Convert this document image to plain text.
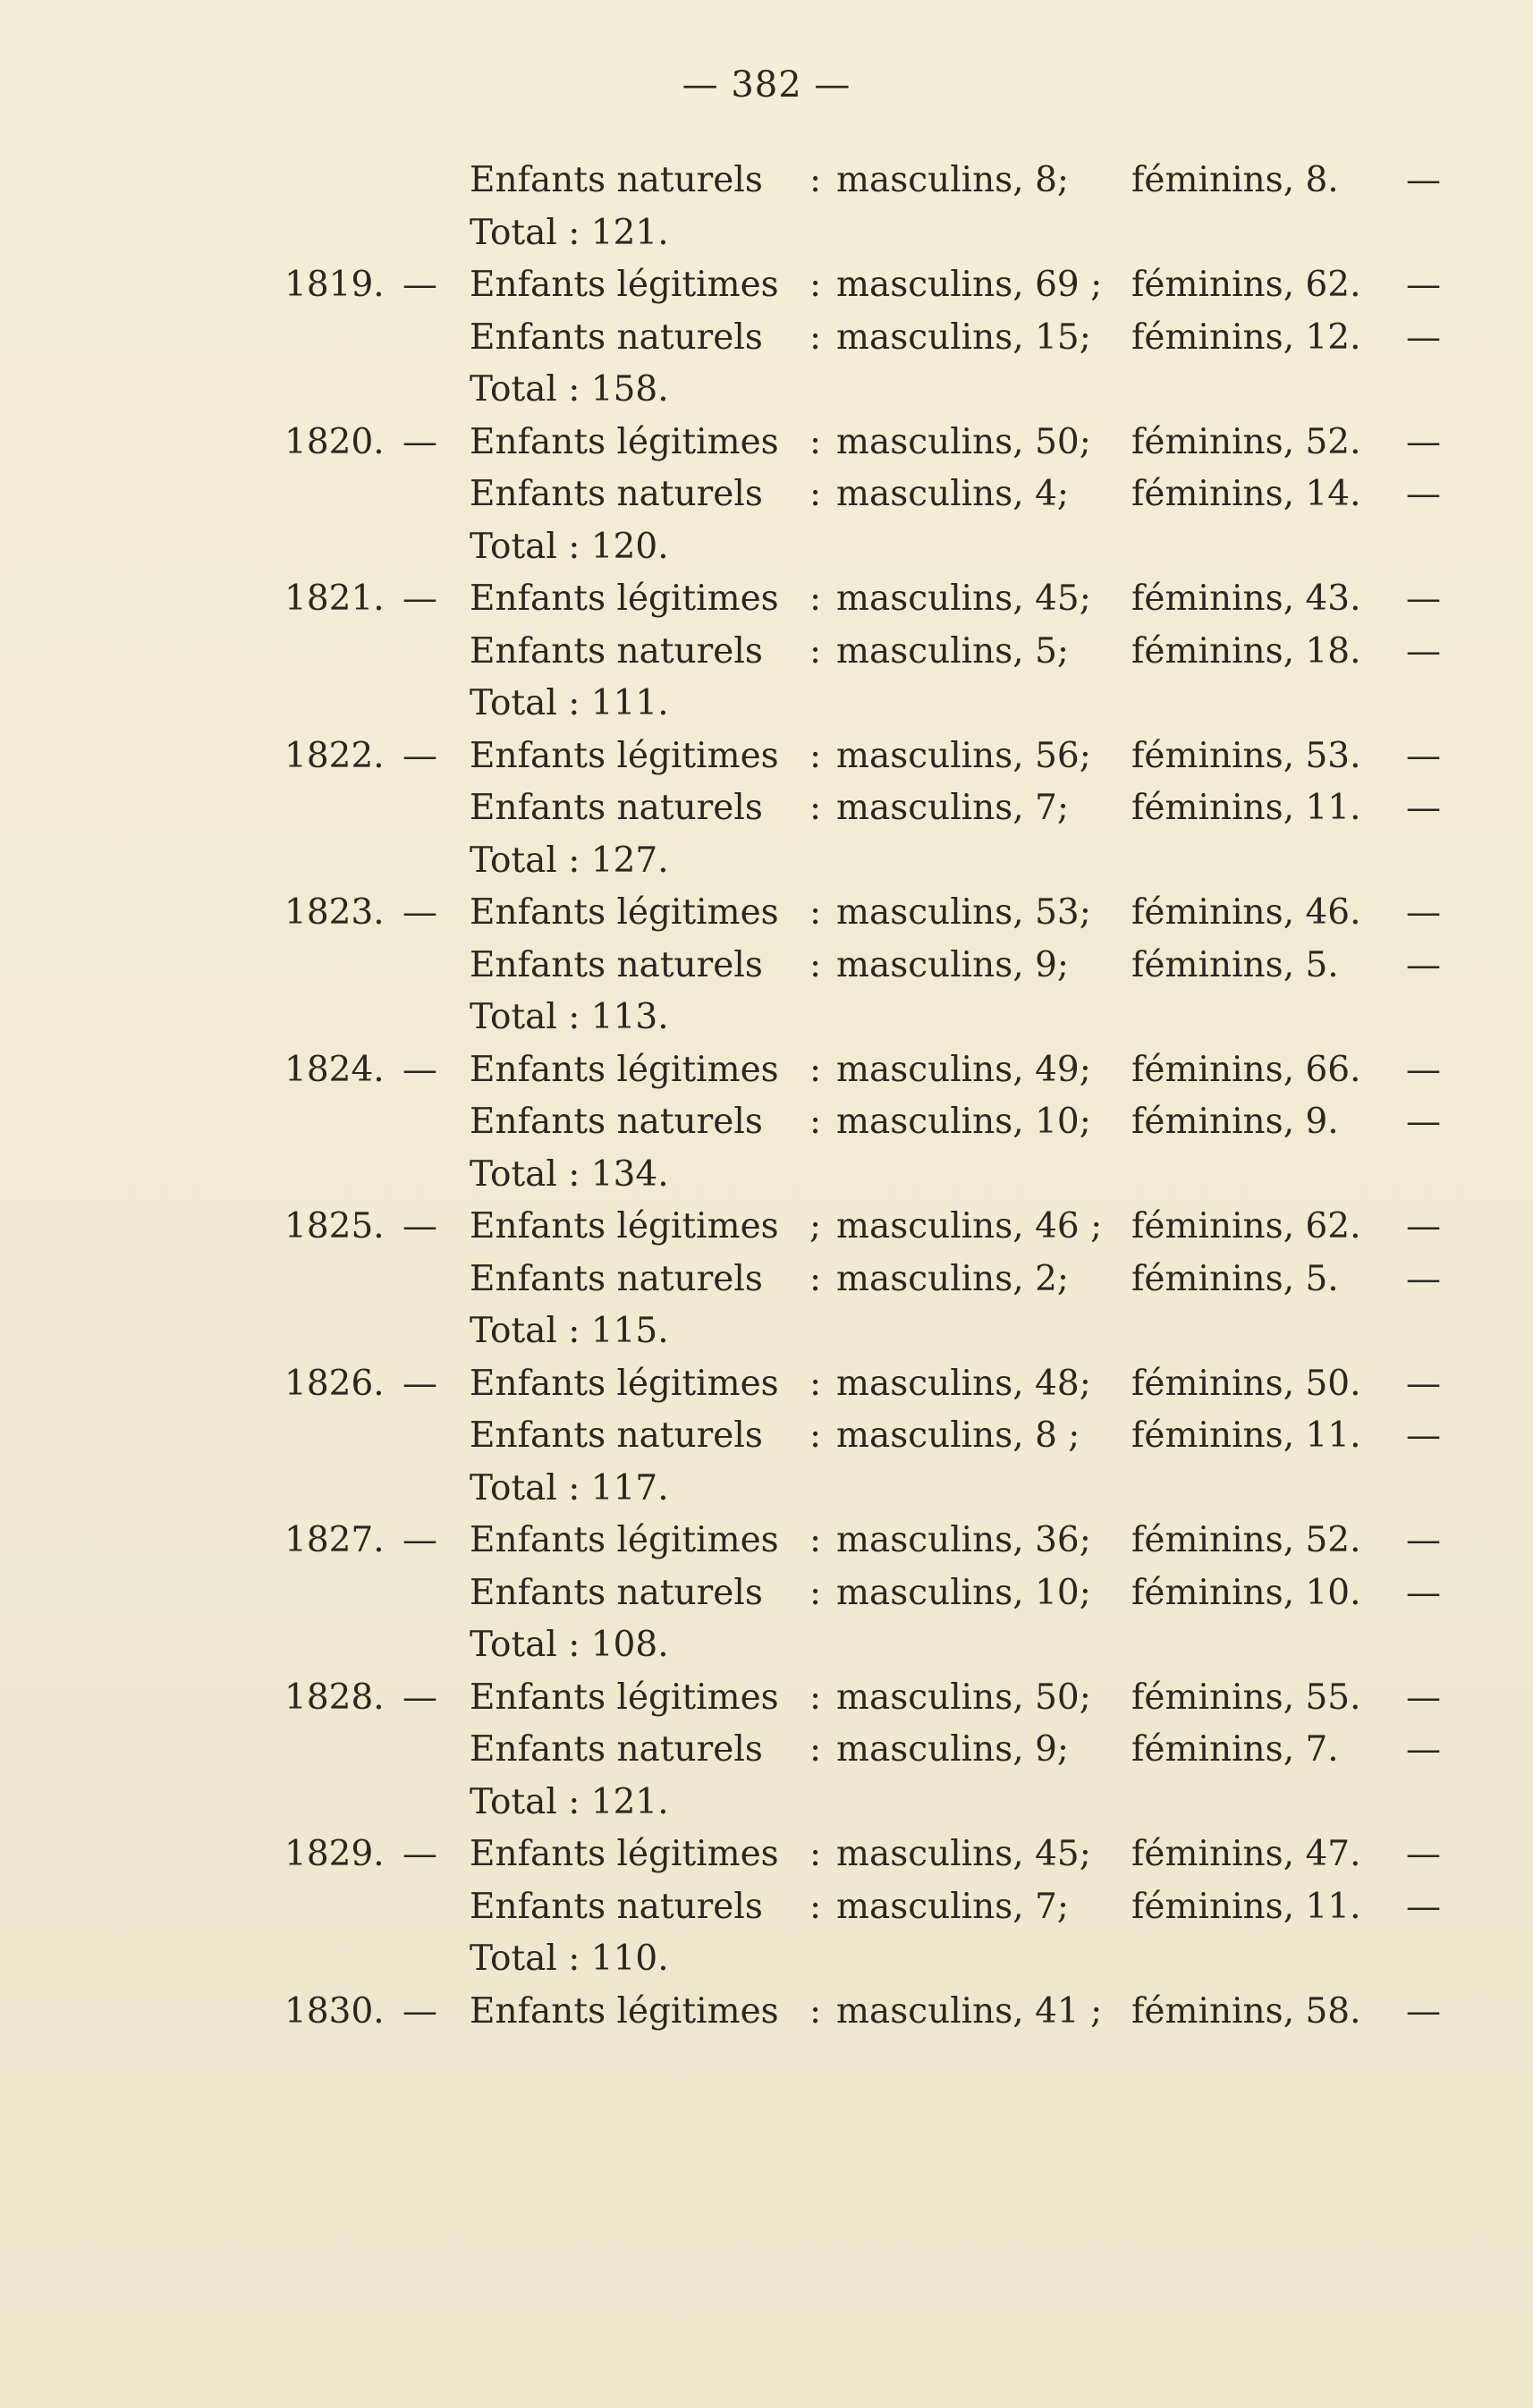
— 382 —
Enfants naturels : masculins, 8; féminins, 8. —
Total : 121.
1819. — Enfants légitimes : masculins, 69 ; féminins, 62. —
Enfants naturels : masculins, 15; féminins, 12. —
Total : 158.
1820. — Enfants légitimes : masculins, 50; féminins, 52. —
Enfants naturels : masculins, 4; féminins, 14. —
Total : 120.
1821. — Enfants légitimes : masculins, 45; féminins, 43. —
Enfants naturels : masculins, 5; féminins, 18. —
Total : 111.
1822. — Enfants légitimes : masculins, 56; féminins, 53. —
Enfants naturels : masculins, 7; féminins, 11. —
Total : 127.
1823. — Enfants légitimes : masculins, 53; féminins, 46. —
Enfants naturels : masculins, 9; féminins, 5. —
Total : 113.
1824. — Enfants légitimes : masculins, 49; féminins, 66. —
Enfants naturels : masculins, 10; féminins, 9. —
Total : 134.
1825. — Enfants légitimes ; masculins, 46 ; féminins, 62. —
Enfants naturels : masculins, 2; féminins, 5. —
Total : 115.
1826. — Enfants légitimes : masculins, 48; féminins, 50. —
Enfants naturels : masculins, 8 ; féminins, 11. —
Total : 117.
1827. — Enfants légitimes : masculins, 36; féminins, 52. —
Enfants naturels : masculins, 10; féminins, 10. —
Total : 108.
1828. — Enfants légitimes : masculins, 50; féminins, 55. —
Enfants naturels : masculins, 9; féminins, 7. —
Total : 121.
1829. — Enfants légitimes : masculins, 45; féminins, 47. —
Enfants naturels : masculins, 7; féminins, 11. —
Total : 110.
1830. — Enfants légitimes : masculins, 41 ; féminins, 58. —
